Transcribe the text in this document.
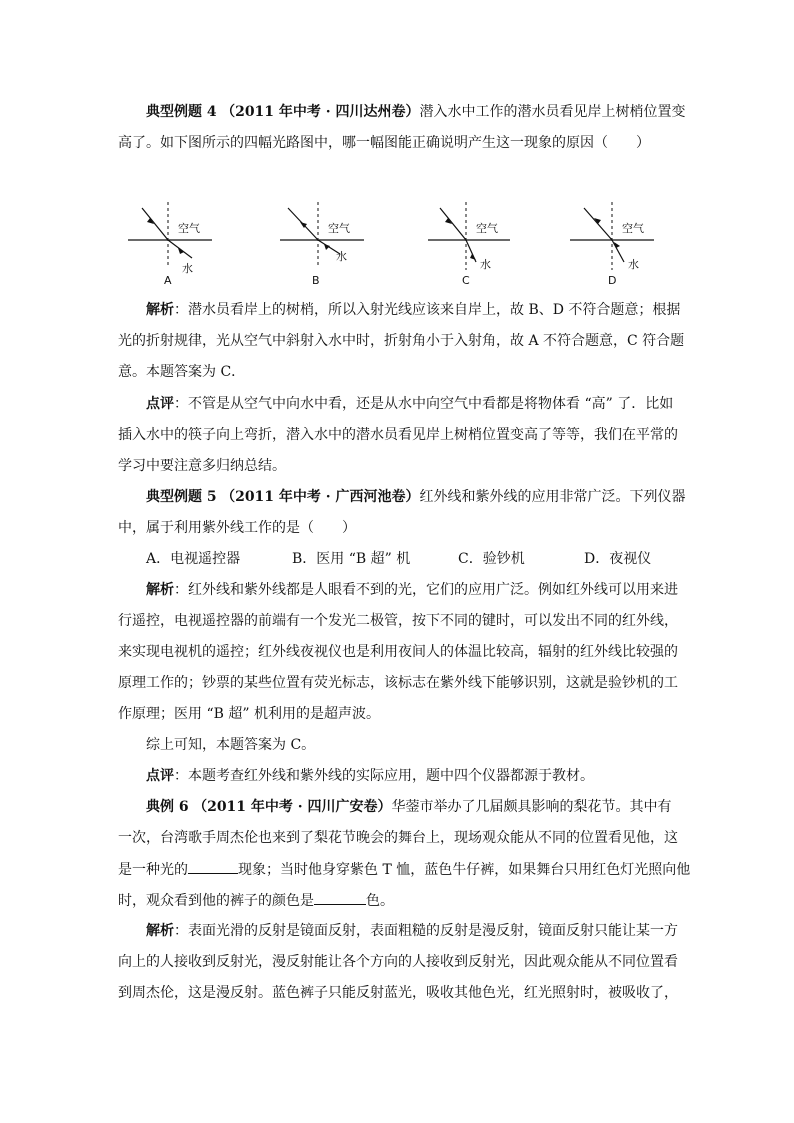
典型例题 4 （2011 年中考 · 四川达州卷）潜入水中工作的潜水员看见岸上树梢位置变
高了。如下图所示的四幅光路图中，哪一幅图能正确说明产生这一现象的原因（　　）
空气
水
A
空气
水
B
空气
水
C
空气
水
D
解析：潜水员看岸上的树梢，所以入射光线应该来自岸上，故 B、D 不符合题意；根据
光的折射规律，光从空气中斜射入水中时，折射角小于入射角，故 A 不符合题意，C 符合题
意。本题答案为 C．
点评：不管是从空气中向水中看，还是从水中向空气中看都是将物体看 “高” 了．比如
插入水中的筷子向上弯折，潜入水中的潜水员看见岸上树梢位置变高了等等，我们在平常的
学习中要注意多归纳总结。
典型例题 5 （2011 年中考 · 广西河池卷）红外线和紫外线的应用非常广泛。下列仪器
中，属于利用紫外线工作的是（　　）
A．电视遥控器	B．医用 “B 超” 机	C．验钞机	D．夜视仪
解析：红外线和紫外线都是人眼看不到的光，它们的应用广泛。例如红外线可以用来进
行遥控，电视遥控器的前端有一个发光二极管，按下不同的键时，可以发出不同的红外线，
来实现电视机的遥控；红外线夜视仪也是利用夜间人的体温比较高，辐射的红外线比较强的
原理工作的；钞票的某些位置有荧光标志，该标志在紫外线下能够识别，这就是验钞机的工
作原理；医用 “B 超” 机利用的是超声波。
综上可知，本题答案为 C。
点评：本题考查红外线和紫外线的实际应用，题中四个仪器都源于教材。
典例 6 （2011 年中考 · 四川广安卷）华蓥市举办了几届颇具影响的梨花节。其中有
一次，台湾歌手周杰伦也来到了梨花节晚会的舞台上，现场观众能从不同的位置看见他，这
是一种光的	现象；当时他身穿紫色 T 恤，蓝色牛仔裤，如果舞台只用红色灯光照向他
时，观众看到他的裤子的颜色是	色。
解析：表面光滑的反射是镜面反射，表面粗糙的反射是漫反射，镜面反射只能让某一方
向上的人接收到反射光，漫反射能让各个方向的人接收到反射光，因此观众能从不同位置看
到周杰伦，这是漫反射。蓝色裤子只能反射蓝光，吸收其他色光，红光照射时，被吸收了，
